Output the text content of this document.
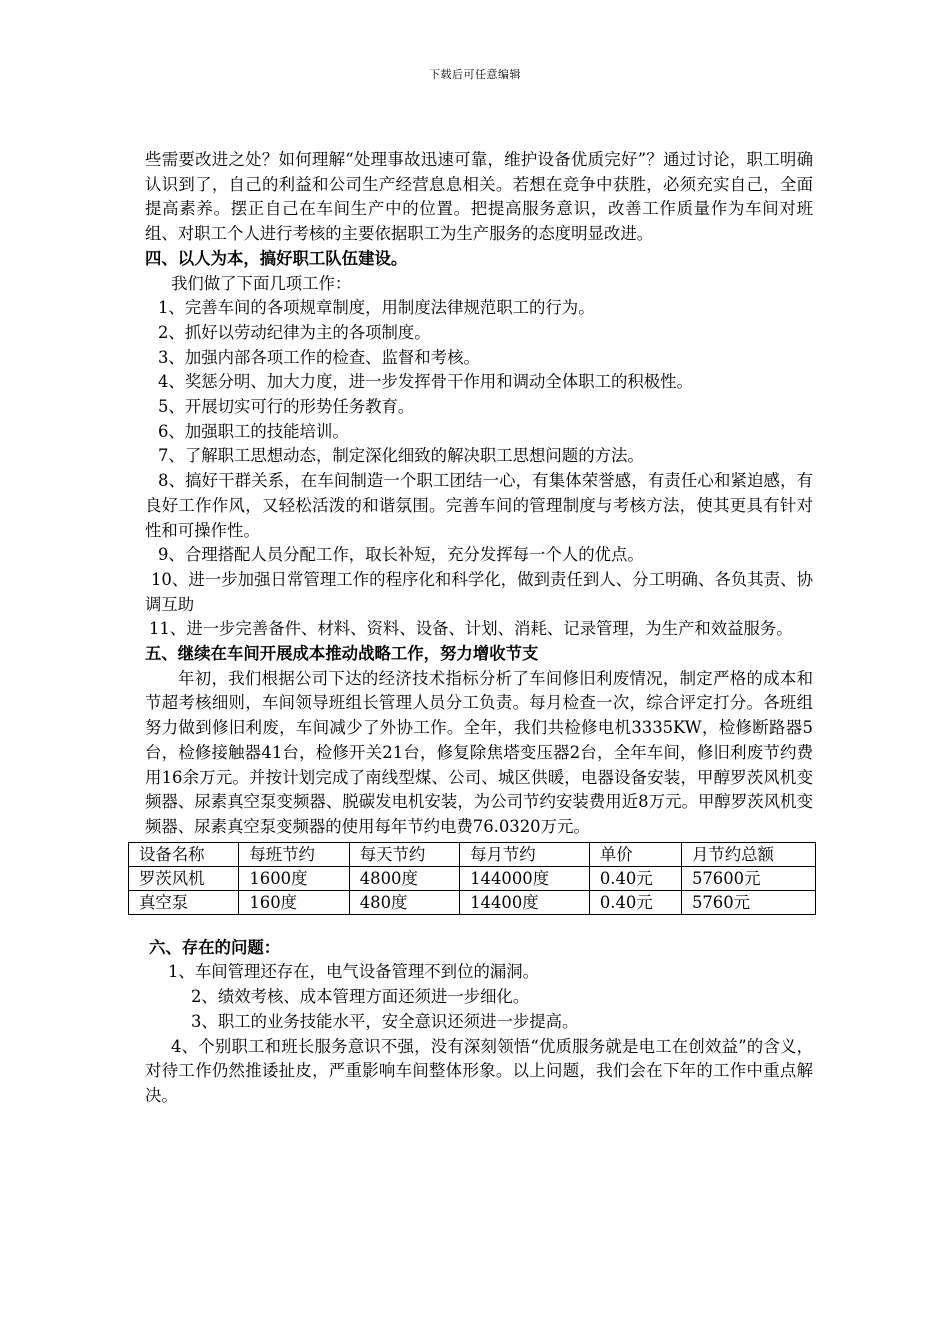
下载后可任意编辑

些需要改进之处？如何理解“处理事故迅速可靠，维护设备优质完好”？通过讨论，职工明确认识到了，自己的利益和公司生产经营息息相关。若想在竞争中获胜，必须充实自己，全面提高素养。摆正自己在车间生产中的位置。把提高服务意识，改善工作质量作为车间对班组、对职工个人进行考核的主要依据职工为生产服务的态度明显改进。

四、以人为本，搞好职工队伍建设。

我们做了下面几项工作：

1、完善车间的各项规章制度，用制度法律规范职工的行为。

2、抓好以劳动纪律为主的各项制度。

3、加强内部各项工作的检查、监督和考核。

4、奖惩分明、加大力度，进一步发挥骨干作用和调动全体职工的积极性。

5、开展切实可行的形势任务教育。

6、加强职工的技能培训。

7、了解职工思想动态，制定深化细致的解决职工思想问题的方法。

8、搞好干群关系，在车间制造一个职工团结一心，有集体荣誉感，有责任心和紧迫感，有良好工作作风，又轻松活泼的和谐氛围。完善车间的管理制度与考核方法，使其更具有针对性和可操作性。

9、合理搭配人员分配工作，取长补短，充分发挥每一个人的优点。

10、进一步加强日常管理工作的程序化和科学化，做到责任到人、分工明确、各负其责、协调互助

11、进一步完善备件、材料、资料、设备、计划、消耗、记录管理，为生产和效益服务。

五、继续在车间开展成本推动战略工作，努力增收节支

年初，我们根据公司下达的经济技术指标分析了车间修旧利废情况，制定严格的成本和节超考核细则，车间领导班组长管理人员分工负责。每月检查一次，综合评定打分。各班组努力做到修旧利废，车间减少了外协工作。全年，我们共检修电机3335KW，检修断路器5台，检修接触器41台，检修开关21台，修复除焦塔变压器2台，全年车间，修旧利废节约费用16余万元。并按计划完成了南线型煤、公司、城区供暖，电器设备安装，甲醇罗茨风机变频器、尿素真空泵变频器、脱碳发电机安装，为公司节约安装费用近8万元。甲醇罗茨风机变频器、尿素真空泵变频器的使用每年节约电费76.0320万元。

设备名称	每班节约	每天节约	每月节约	单价	月节约总额
罗茨风机	1600度	4800度	144000度	0.40元	57600元
真空泵	160度	480度	14400度	0.40元	5760元

六、存在的问题：

1、车间管理还存在，电气设备管理不到位的漏洞。

2、绩效考核、成本管理方面还须进一步细化。

3、职工的业务技能水平，安全意识还须进一步提高。

4、个别职工和班长服务意识不强，没有深刻领悟“优质服务就是电工在创效益”的含义，对待工作仍然推诿扯皮，严重影响车间整体形象。以上问题，我们会在下年的工作中重点解决。
